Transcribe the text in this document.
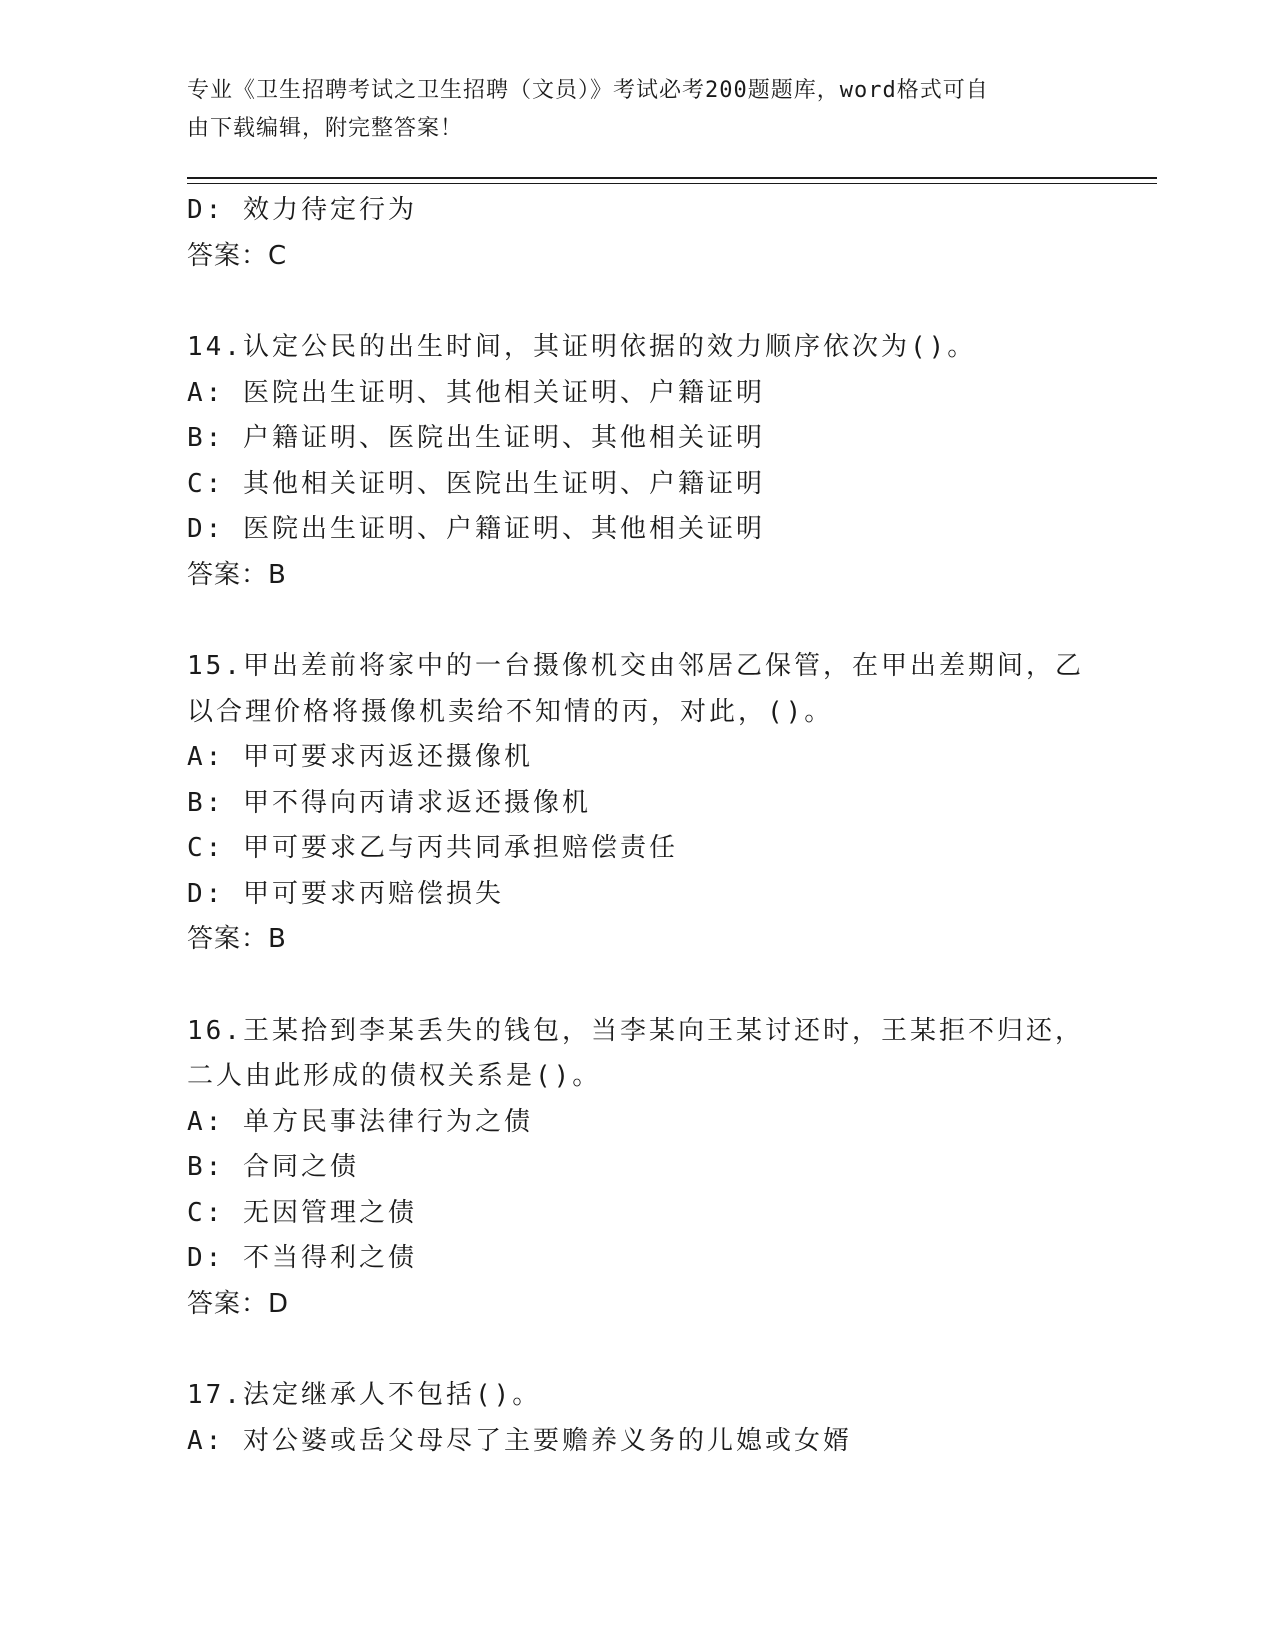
专业《卫生招聘考试之卫生招聘（文员）》考试必考200题题库，word格式可自
由下载编辑，附完整答案！
D: 效力待定行为
答案：C
14.认定公民的出生时间，其证明依据的效力顺序依次为()。
A: 医院出生证明、其他相关证明、户籍证明
B: 户籍证明、医院出生证明、其他相关证明
C: 其他相关证明、医院出生证明、户籍证明
D: 医院出生证明、户籍证明、其他相关证明
答案：B
15.甲出差前将家中的一台摄像机交由邻居乙保管，在甲出差期间，乙
以合理价格将摄像机卖给不知情的丙，对此，()。
A: 甲可要求丙返还摄像机
B: 甲不得向丙请求返还摄像机
C: 甲可要求乙与丙共同承担赔偿责任
D: 甲可要求丙赔偿损失
答案：B
16.王某拾到李某丢失的钱包，当李某向王某讨还时，王某拒不归还，
二人由此形成的债权关系是()。
A: 单方民事法律行为之债
B: 合同之债
C: 无因管理之债
D: 不当得利之债
答案：D
17.法定继承人不包括()。
A: 对公婆或岳父母尽了主要赡养义务的儿媳或女婿
